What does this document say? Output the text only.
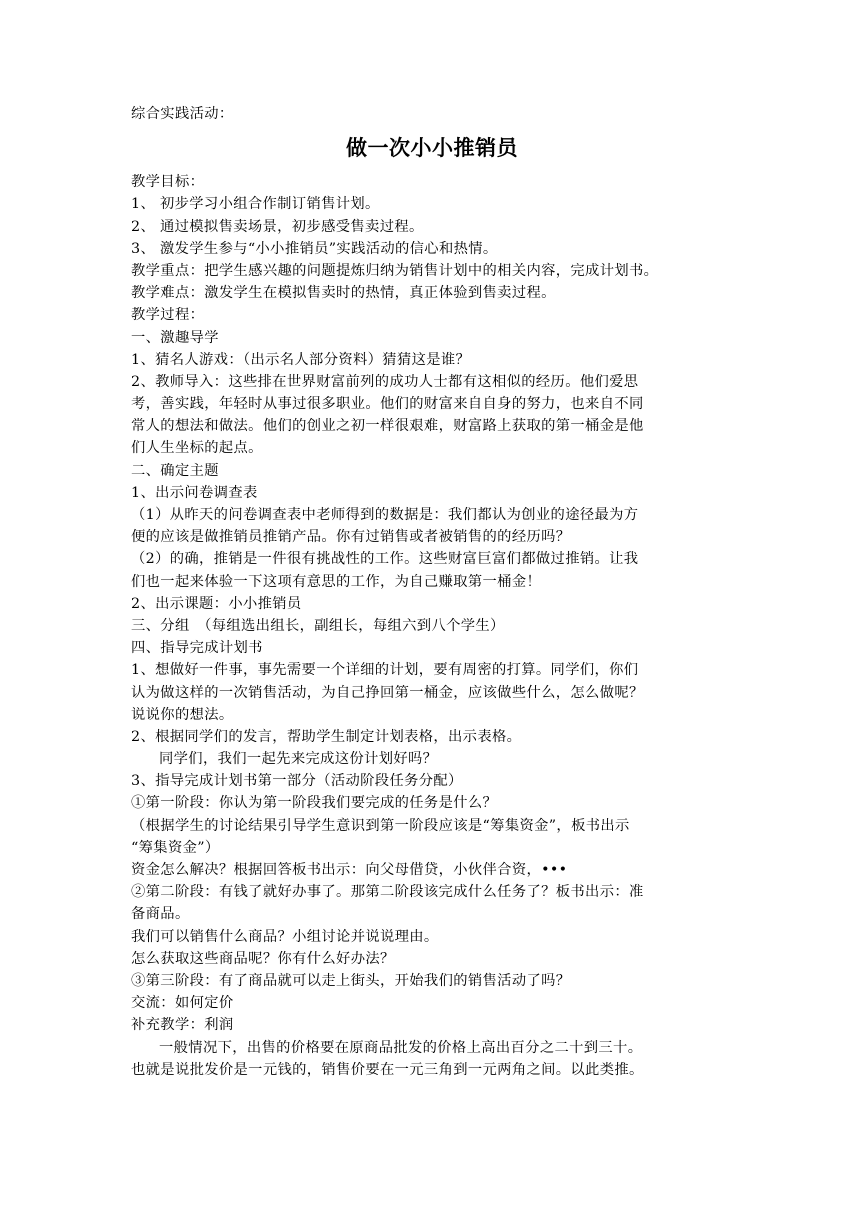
综合实践活动：
做一次小小推销员
教学目标：
1、 初步学习小组合作制订销售计划。
2、 通过模拟售卖场景，初步感受售卖过程。
3、 激发学生参与“小小推销员”实践活动的信心和热情。
教学重点：把学生感兴趣的问题提炼归纳为销售计划中的相关内容，完成计划书。
教学难点：激发学生在模拟售卖时的热情，真正体验到售卖过程。
教学过程：
一、激趣导学
1、猜名人游戏：（出示名人部分资料）猜猜这是谁？
2、教师导入：这些排在世界财富前列的成功人士都有这相似的经历。他们爱思
考，善实践，年轻时从事过很多职业。他们的财富来自自身的努力，也来自不同
常人的想法和做法。他们的创业之初一样很艰难，财富路上获取的第一桶金是他
们人生坐标的起点。
二、确定主题
1、出示问卷调查表
（1）从昨天的问卷调查表中老师得到的数据是：我们都认为创业的途径最为方
便的应该是做推销员推销产品。你有过销售或者被销售的的经历吗？
（2）的确，推销是一件很有挑战性的工作。这些财富巨富们都做过推销。让我
们也一起来体验一下这项有意思的工作，为自己赚取第一桶金！
2、出示课题：小小推销员
三、分组　（每组选出组长，副组长，每组六到八个学生）
四、指导完成计划书
1、想做好一件事，事先需要一个详细的计划，要有周密的打算。同学们，你们
认为做这样的一次销售活动，为自己挣回第一桶金，应该做些什么，怎么做呢？
说说你的想法。
2、根据同学们的发言，帮助学生制定计划表格，出示表格。
同学们，我们一起先来完成这份计划好吗？
3、指导完成计划书第一部分（活动阶段任务分配）
①第一阶段：你认为第一阶段我们要完成的任务是什么？
（根据学生的讨论结果引导学生意识到第一阶段应该是“筹集资金”，板书出示
“筹集资金”）
资金怎么解决？根据回答板书出示：向父母借贷，小伙伴合资，•••
②第二阶段：有钱了就好办事了。那第二阶段该完成什么任务了？板书出示：准
备商品。
我们可以销售什么商品？小组讨论并说说理由。
怎么获取这些商品呢？你有什么好办法？
③第三阶段：有了商品就可以走上街头，开始我们的销售活动了吗？
交流：如何定价
补充教学：利润
一般情况下，出售的价格要在原商品批发的价格上高出百分之二十到三十。
也就是说批发价是一元钱的，销售价要在一元三角到一元两角之间。以此类推。
